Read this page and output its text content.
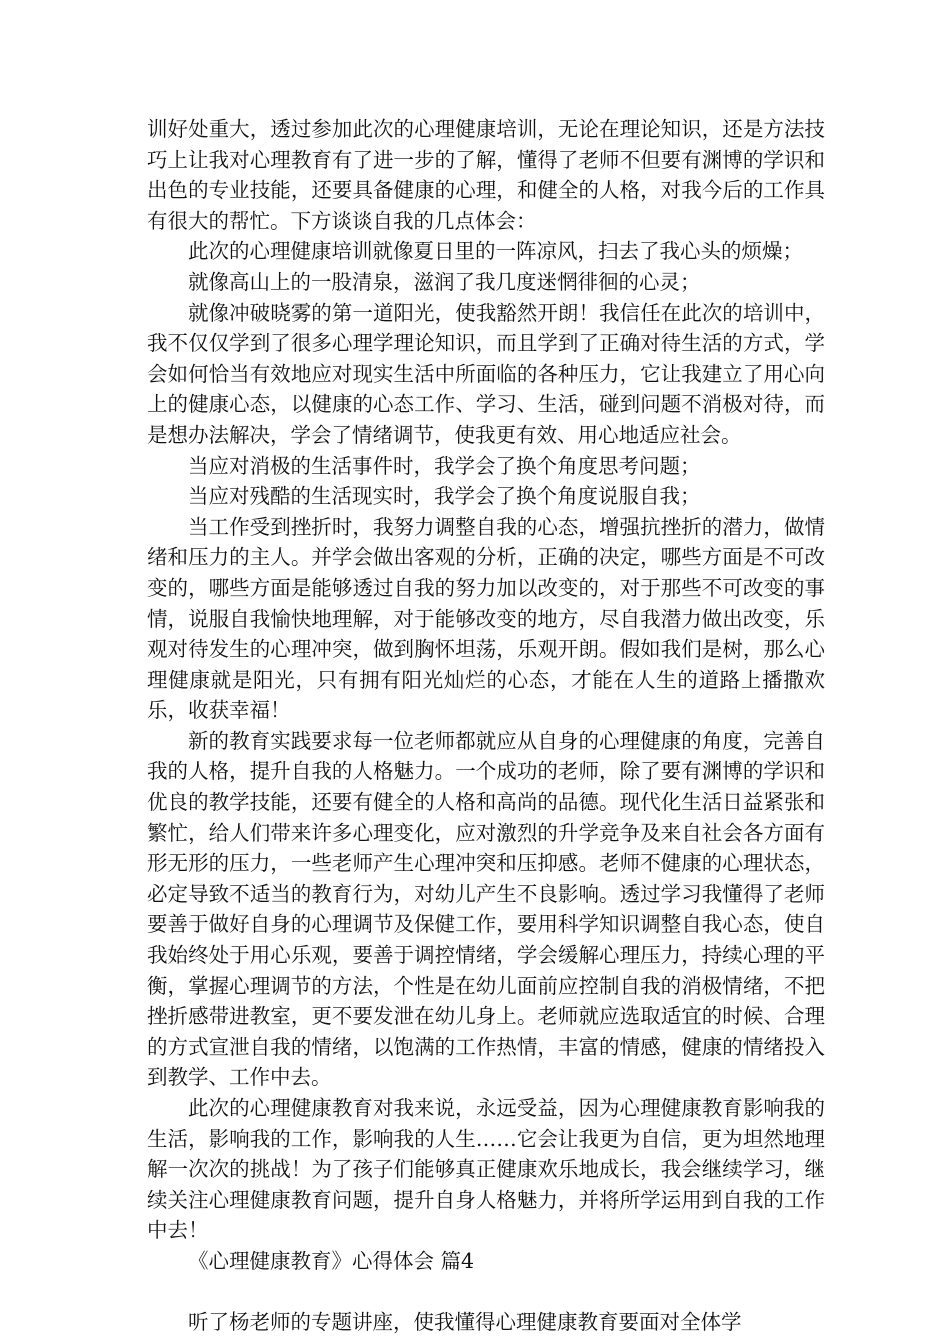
训好处重大，透过参加此次的心理健康培训，无论在理论知识，还是方法技巧上让我对心理教育有了进一步的了解，懂得了老师不但要有渊博的学识和出色的专业技能，还要具备健康的心理，和健全的人格，对我今后的工作具有很大的帮忙。下方谈谈自我的几点体会：

此次的心理健康培训就像夏日里的一阵凉风，扫去了我心头的烦燥；

就像高山上的一股清泉，滋润了我几度迷惘徘徊的心灵；

就像冲破晓雾的第一道阳光，使我豁然开朗！我信任在此次的培训中，我不仅仅学到了很多心理学理论知识，而且学到了正确对待生活的方式，学会如何恰当有效地应对现实生活中所面临的各种压力，它让我建立了用心向上的健康心态，以健康的心态工作、学习、生活，碰到问题不消极对待，而是想办法解决，学会了情绪调节，使我更有效、用心地适应社会。

当应对消极的生活事件时，我学会了换个角度思考问题；

当应对残酷的生活现实时，我学会了换个角度说服自我；

当工作受到挫折时，我努力调整自我的心态，增强抗挫折的潜力，做情绪和压力的主人。并学会做出客观的分析，正确的决定，哪些方面是不可改变的，哪些方面是能够透过自我的努力加以改变的，对于那些不可改变的事情，说服自我愉快地理解，对于能够改变的地方，尽自我潜力做出改变，乐观对待发生的心理冲突，做到胸怀坦荡，乐观开朗。假如我们是树，那么心理健康就是阳光，只有拥有阳光灿烂的心态，才能在人生的道路上播撒欢乐，收获幸福！

新的教育实践要求每一位老师都就应从自身的心理健康的角度，完善自我的人格，提升自我的人格魅力。一个成功的老师，除了要有渊博的学识和优良的教学技能，还要有健全的人格和高尚的品德。现代化生活日益紧张和繁忙，给人们带来许多心理变化，应对激烈的升学竞争及来自社会各方面有形无形的压力，一些老师产生心理冲突和压抑感。老师不健康的心理状态，必定导致不适当的教育行为，对幼儿产生不良影响。透过学习我懂得了老师要善于做好自身的心理调节及保健工作，要用科学知识调整自我心态，使自我始终处于用心乐观，要善于调控情绪，学会缓解心理压力，持续心理的平衡，掌握心理调节的方法，个性是在幼儿面前应控制自我的消极情绪，不把挫折感带进教室，更不要发泄在幼儿身上。老师就应选取适宜的时候、合理的方式宣泄自我的情绪，以饱满的工作热情，丰富的情感，健康的情绪投入到教学、工作中去。

此次的心理健康教育对我来说，永远受益，因为心理健康教育影响我的生活，影响我的工作，影响我的人生……它会让我更为自信，更为坦然地理解一次次的挑战！为了孩子们能够真正健康欢乐地成长，我会继续学习，继续关注心理健康教育问题，提升自身人格魅力，并将所学运用到自我的工作中去！

《心理健康教育》心得体会 篇4

听了杨老师的专题讲座，使我懂得心理健康教育要面对全体学
